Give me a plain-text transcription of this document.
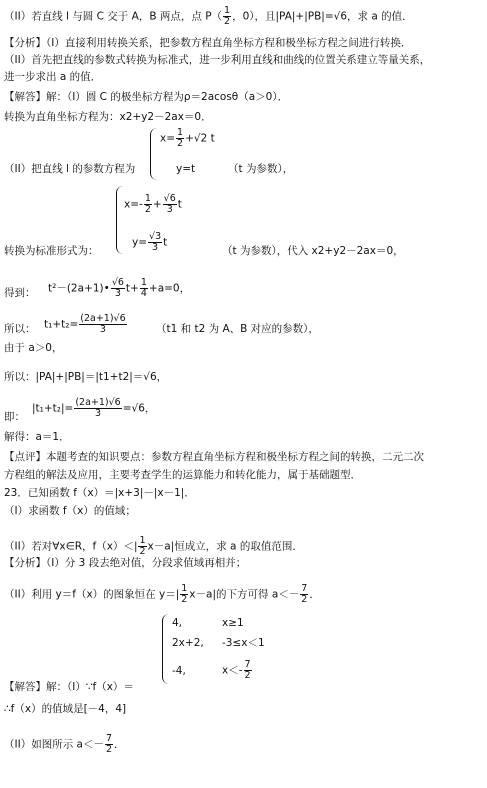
（II）若直线 l 与圆 C 交于 A，B 两点，点 $P( \frac{1}{2}$ ，0），且|PA|+|PB|=√6，求 a 的值．
【分析】（I）直接利用转换关系，把参数方程直角坐标方程和极坐标方程之间进行转换．
（II）首先把直线的参数式转换为标准式，进一步利用直线和曲线的位置关系建立等量关系，
进一步求出 a 的值．
【解答】解：（I）圆 C 的极坐标方程为ρ＝2acosθ（a＞0）．
转换为直角坐标方程为：x2+y2－2ax＝0．
（II）把直线 l 的参数方程为
$x= \frac{1}{2} +√2$ t
y=t	（t 为参数），
$x=- \frac{1}{2} + \frac{√6}{3}$ t
$y= \frac{√3}{3}$ t
转换为标准形式为：	（t 为参数），代入 x2+y2－2ax＝0，
得到： t²－(2a+1)• $\frac{√6}{3} t+ \frac{1}{4} +a=0$，
所以： $t_1+t_2= \frac{(2a+1)√6}{3}$	（t1 和 t2 为 A、B 对应的参数），
由于 a＞0，
所以：|PA|+|PB|＝|t1+t2|＝√6，
即：
$|t_1+t_2|= \frac{(2a+1)√6}{3} =√6$，
解得：a＝1．
【点评】本题考查的知识要点：参数方程直角坐标方程和极坐标方程之间的转换，二元二次
方程组的解法及应用，主要考查学生的运算能力和转化能力，属于基础题型．
23．已知函数 f（x）＝|x+3|－|x－1|．
（I）求函数 f（x）的值域；
（II）若对∀x∈R，$f(x)<| \frac{1}{2} x-a|$恒成立，求 a 的取值范围．
【分析】（I）分 3 段去绝对值，分段求值域再相并；
（II）利用 y＝f（x）的图象恒在 $y=| \frac{1}{2} x-a|$的下方可得 $a<- \frac{7}{2}$ ．
4,	x≥1
2x+2, -3≤x＜1
-4,	$x<- \frac{7}{2}$
【解答】解：（I）∵f（x）＝
∴f（x）的值域是[－4，4]
（II）如图所示 $a<- \frac{7}{2}$ ．
